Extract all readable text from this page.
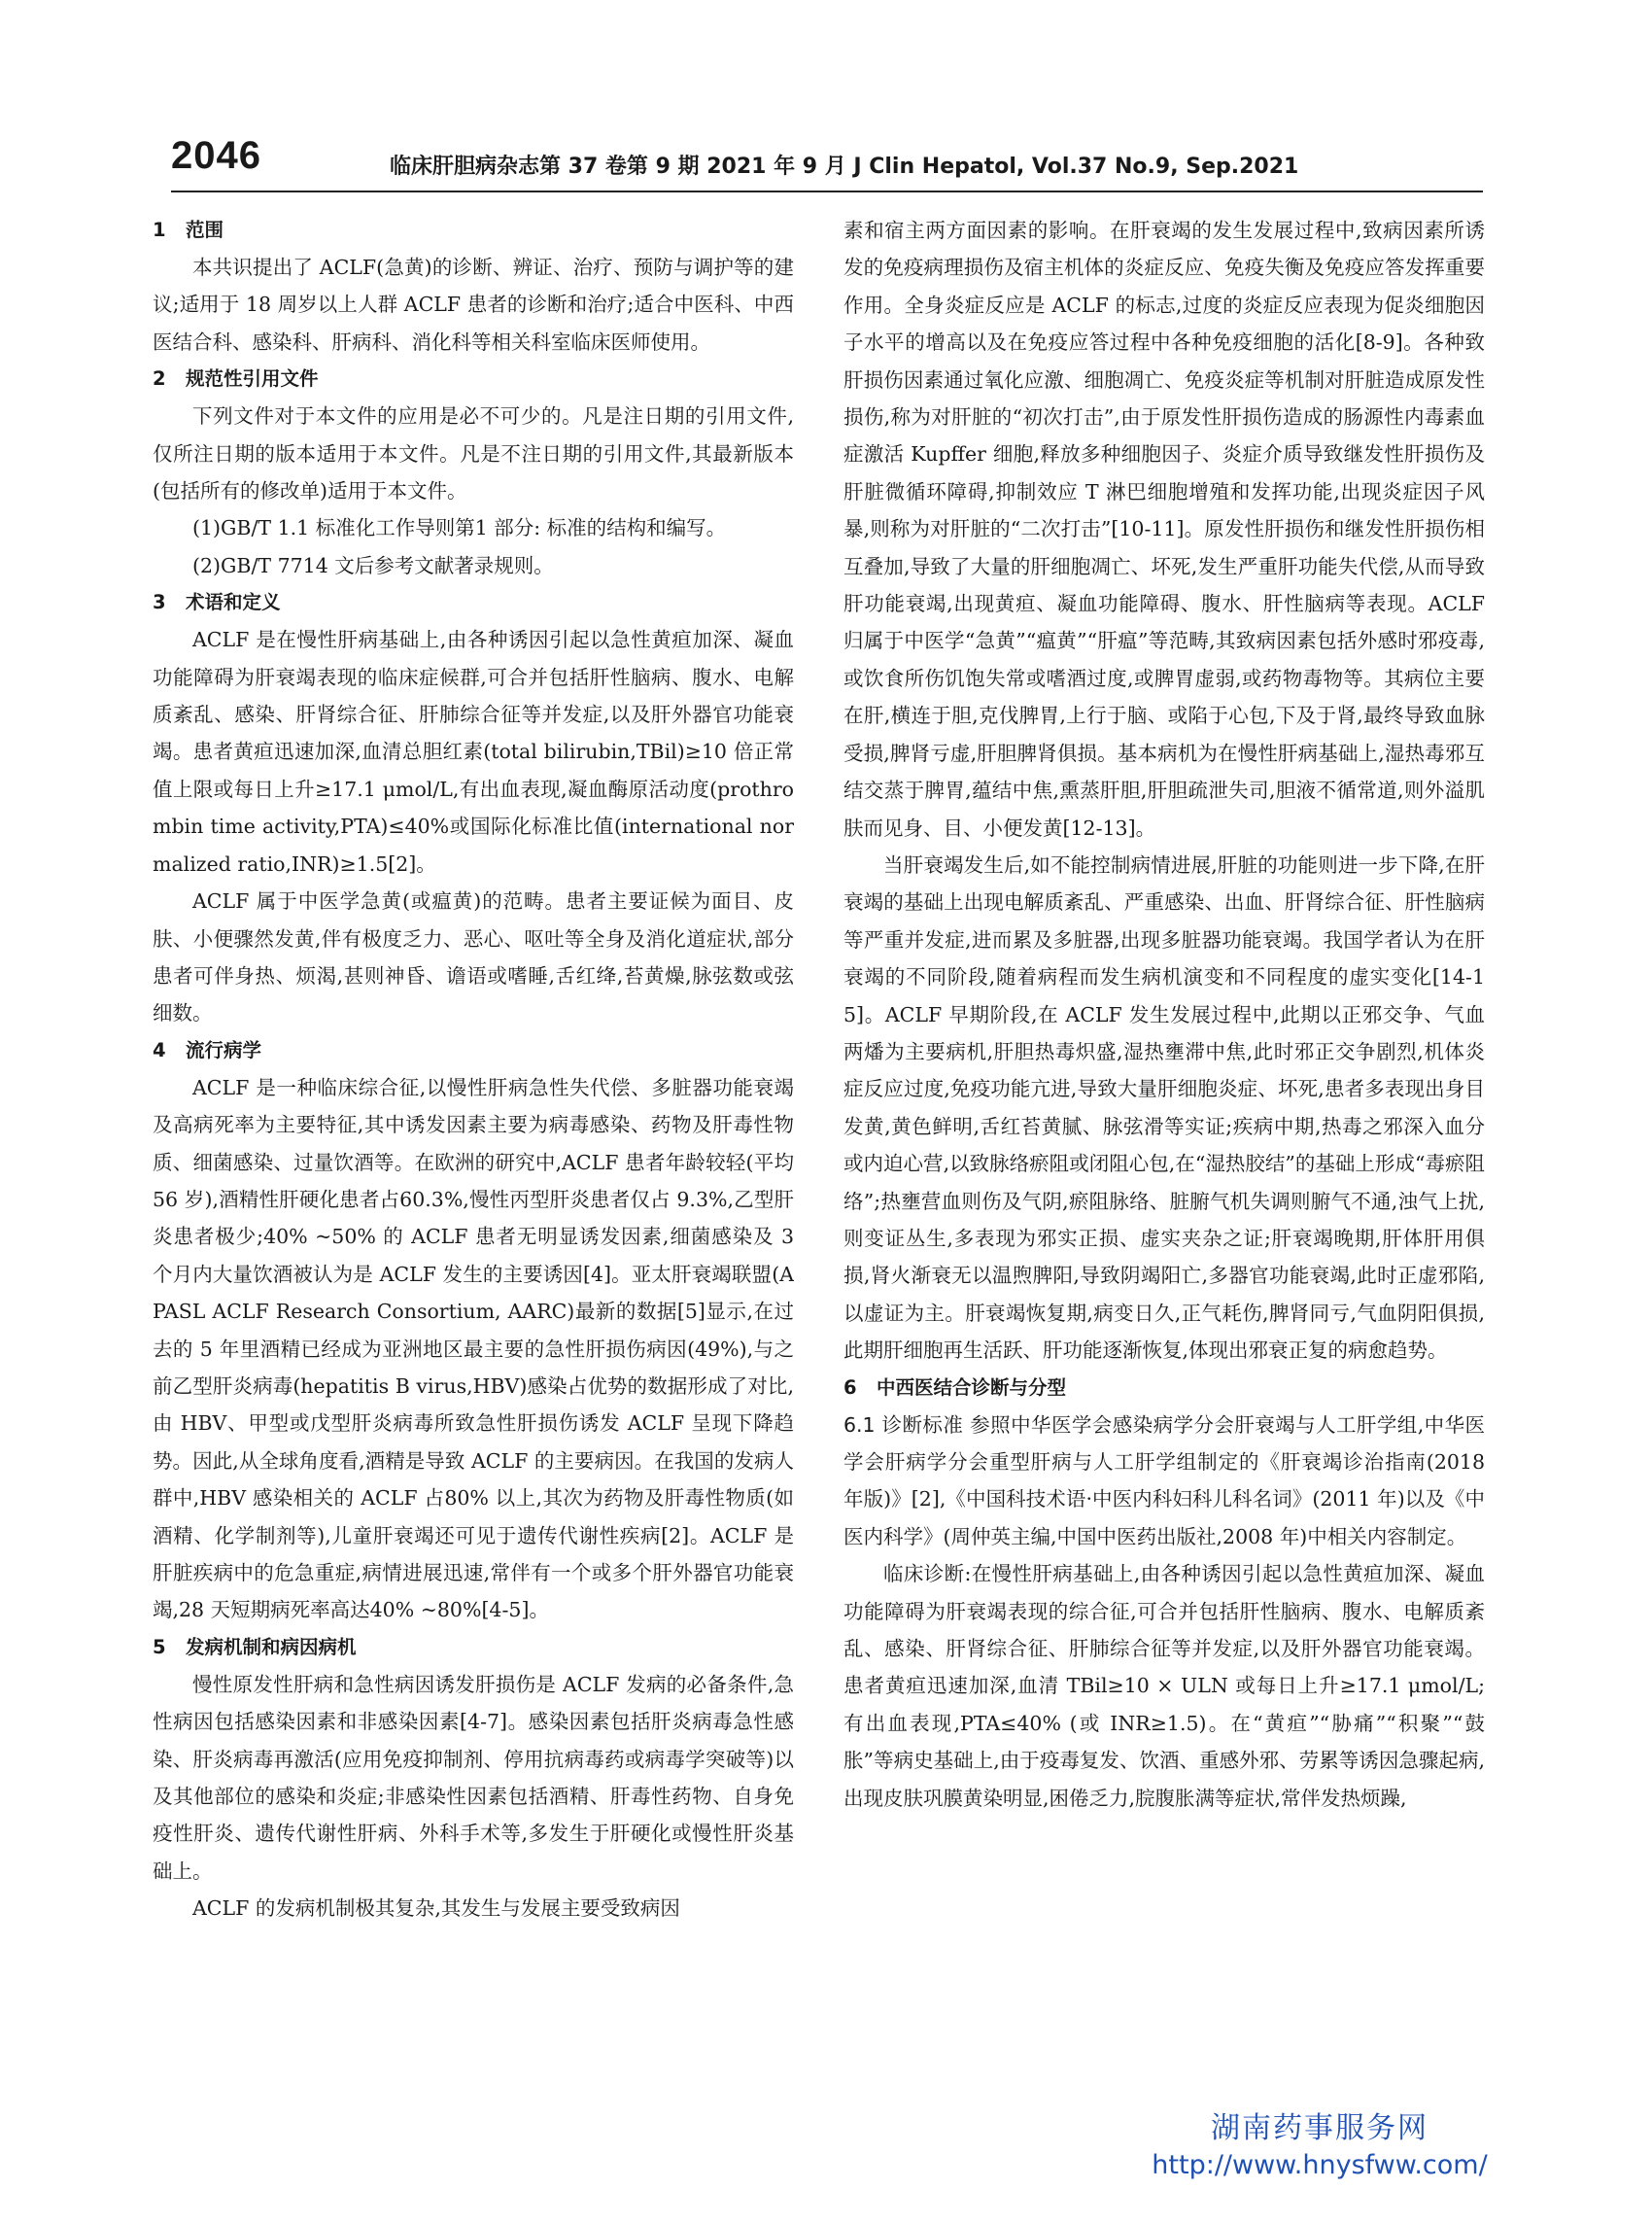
2046	临床肝胆病杂志第 37 卷第 9 期 2021 年 9 月 J Clin Hepatol, Vol.37 No.9, Sep.2021
1 范围

本共识提出了 ACLF(急黄)的诊断、辨证、治疗、预防与调护等的建议;适用于 18 周岁以上人群 ACLF 患者的诊断和治疗;适合中医科、中西医结合科、感染科、肝病科、消化科等相关科室临床医师使用。

2 规范性引用文件

下列文件对于本文件的应用是必不可少的。凡是注日期的引用文件,仅所注日期的版本适用于本文件。凡是不注日期的引用文件,其最新版本(包括所有的修改单)适用于本文件。

(1)GB/T 1.1 标准化工作导则第1 部分: 标准的结构和编写。

(2)GB/T 7714 文后参考文献著录规则。

3 术语和定义

ACLF 是在慢性肝病基础上,由各种诱因引起以急性黄疸加深、凝血功能障碍为肝衰竭表现的临床症候群,可合并包括肝性脑病、腹水、电解质紊乱、感染、肝肾综合征、肝肺综合征等并发症,以及肝外器官功能衰竭。患者黄疸迅速加深,血清总胆红素(total bilirubin,TBil)≥10 倍正常值上限或每日上升≥17.1 μmol/L,有出血表现,凝血酶原活动度(prothrombin time activity,PTA)≤40%或国际化标准比值(international normalized ratio,INR)≥1.5[2]。

ACLF 属于中医学急黄(或瘟黄)的范畴。患者主要证候为面目、皮肤、小便骤然发黄,伴有极度乏力、恶心、呕吐等全身及消化道症状,部分患者可伴身热、烦渴,甚则神昏、谵语或嗜睡,舌红绛,苔黄燥,脉弦数或弦细数。

4 流行病学

ACLF 是一种临床综合征,以慢性肝病急性失代偿、多脏器功能衰竭及高病死率为主要特征,其中诱发因素主要为病毒感染、药物及肝毒性物质、细菌感染、过量饮酒等。在欧洲的研究中,ACLF 患者年龄较轻(平均 56 岁),酒精性肝硬化患者占60.3%,慢性丙型肝炎患者仅占 9.3%,乙型肝炎患者极少;40% ~50% 的 ACLF 患者无明显诱发因素,细菌感染及 3 个月内大量饮酒被认为是 ACLF 发生的主要诱因[4]。亚太肝衰竭联盟(APASL ACLF Research Consortium, AARC)最新的数据[5]显示,在过去的 5 年里酒精已经成为亚洲地区最主要的急性肝损伤病因(49%),与之前乙型肝炎病毒(hepatitis B virus,HBV)感染占优势的数据形成了对比,由 HBV、甲型或戊型肝炎病毒所致急性肝损伤诱发 ACLF 呈现下降趋势。因此,从全球角度看,酒精是导致 ACLF 的主要病因。在我国的发病人群中,HBV 感染相关的 ACLF 占80% 以上,其次为药物及肝毒性物质(如酒精、化学制剂等),儿童肝衰竭还可见于遗传代谢性疾病[2]。ACLF 是肝脏疾病中的危急重症,病情进展迅速,常伴有一个或多个肝外器官功能衰竭,28 天短期病死率高达40% ~80%[4-5]。

5 发病机制和病因病机

慢性原发性肝病和急性病因诱发肝损伤是 ACLF 发病的必备条件,急性病因包括感染因素和非感染因素[4-7]。感染因素包括肝炎病毒急性感染、肝炎病毒再激活(应用免疫抑制剂、停用抗病毒药或病毒学突破等)以及其他部位的感染和炎症;非感染性因素包括酒精、肝毒性药物、自身免疫性肝炎、遗传代谢性肝病、外科手术等,多发生于肝硬化或慢性肝炎基础上。

ACLF 的发病机制极其复杂,其发生与发展主要受致病因

素和宿主两方面因素的影响。在肝衰竭的发生发展过程中,致病因素所诱发的免疫病理损伤及宿主机体的炎症反应、免疫失衡及免疫应答发挥重要作用。全身炎症反应是 ACLF 的标志,过度的炎症反应表现为促炎细胞因子水平的增高以及在免疫应答过程中各种免疫细胞的活化[8-9]。各种致肝损伤因素通过氧化应激、细胞凋亡、免疫炎症等机制对肝脏造成原发性损伤,称为对肝脏的“初次打击”,由于原发性肝损伤造成的肠源性内毒素血症激活 Kupffer 细胞,释放多种细胞因子、炎症介质导致继发性肝损伤及肝脏微循环障碍,抑制效应 T 淋巴细胞增殖和发挥功能,出现炎症因子风暴,则称为对肝脏的“二次打击”[10-11]。原发性肝损伤和继发性肝损伤相互叠加,导致了大量的肝细胞凋亡、坏死,发生严重肝功能失代偿,从而导致肝功能衰竭,出现黄疸、凝血功能障碍、腹水、肝性脑病等表现。ACLF 归属于中医学“急黄”“瘟黄”“肝瘟”等范畴,其致病因素包括外感时邪疫毒,或饮食所伤饥饱失常或嗜酒过度,或脾胃虚弱,或药物毒物等。其病位主要在肝,横连于胆,克伐脾胃,上行于脑、或陷于心包,下及于肾,最终导致血脉受损,脾肾亏虚,肝胆脾肾俱损。基本病机为在慢性肝病基础上,湿热毒邪互结交蒸于脾胃,蕴结中焦,熏蒸肝胆,肝胆疏泄失司,胆液不循常道,则外溢肌肤而见身、目、小便发黄[12-13]。

当肝衰竭发生后,如不能控制病情进展,肝脏的功能则进一步下降,在肝衰竭的基础上出现电解质紊乱、严重感染、出血、肝肾综合征、肝性脑病等严重并发症,进而累及多脏器,出现多脏器功能衰竭。我国学者认为在肝衰竭的不同阶段,随着病程而发生病机演变和不同程度的虚实变化[14-15]。ACLF 早期阶段,在 ACLF 发生发展过程中,此期以正邪交争、气血两燔为主要病机,肝胆热毒炽盛,湿热壅滞中焦,此时邪正交争剧烈,机体炎症反应过度,免疫功能亢进,导致大量肝细胞炎症、坏死,患者多表现出身目发黄,黄色鲜明,舌红苔黄腻、脉弦滑等实证;疾病中期,热毒之邪深入血分或内迫心营,以致脉络瘀阻或闭阻心包,在“湿热胶结”的基础上形成“毒瘀阻络”;热壅营血则伤及气阴,瘀阻脉络、脏腑气机失调则腑气不通,浊气上扰,则变证丛生,多表现为邪实正损、虚实夹杂之证;肝衰竭晚期,肝体肝用俱损,肾火渐衰无以温煦脾阳,导致阴竭阳亡,多器官功能衰竭,此时正虚邪陷,以虚证为主。肝衰竭恢复期,病变日久,正气耗伤,脾肾同亏,气血阴阳俱损,此期肝细胞再生活跃、肝功能逐渐恢复,体现出邪衰正复的病愈趋势。

6 中西医结合诊断与分型

6.1 诊断标准 参照中华医学会感染病学分会肝衰竭与人工肝学组,中华医学会肝病学分会重型肝病与人工肝学组制定的《肝衰竭诊治指南(2018 年版)》[2],《中国科技术语·中医内科妇科儿科名词》(2011 年)以及《中医内科学》(周仲英主编,中国中医药出版社,2008 年)中相关内容制定。

临床诊断:在慢性肝病基础上,由各种诱因引起以急性黄疸加深、凝血功能障碍为肝衰竭表现的综合征,可合并包括肝性脑病、腹水、电解质紊乱、感染、肝肾综合征、肝肺综合征等并发症,以及肝外器官功能衰竭。患者黄疸迅速加深,血清 TBil≥10 × ULN 或每日上升≥17.1 μmol/L;有出血表现,PTA≤40% (或 INR≥1.5)。在“黄疸”“胁痛”“积聚”“鼓胀”等病史基础上,由于疫毒复发、饮酒、重感外邪、劳累等诱因急骤起病,出现皮肤巩膜黄染明显,困倦乏力,脘腹胀满等症状,常伴发热烦躁,

湖南药事服务网
http://www.hnysfww.com/
